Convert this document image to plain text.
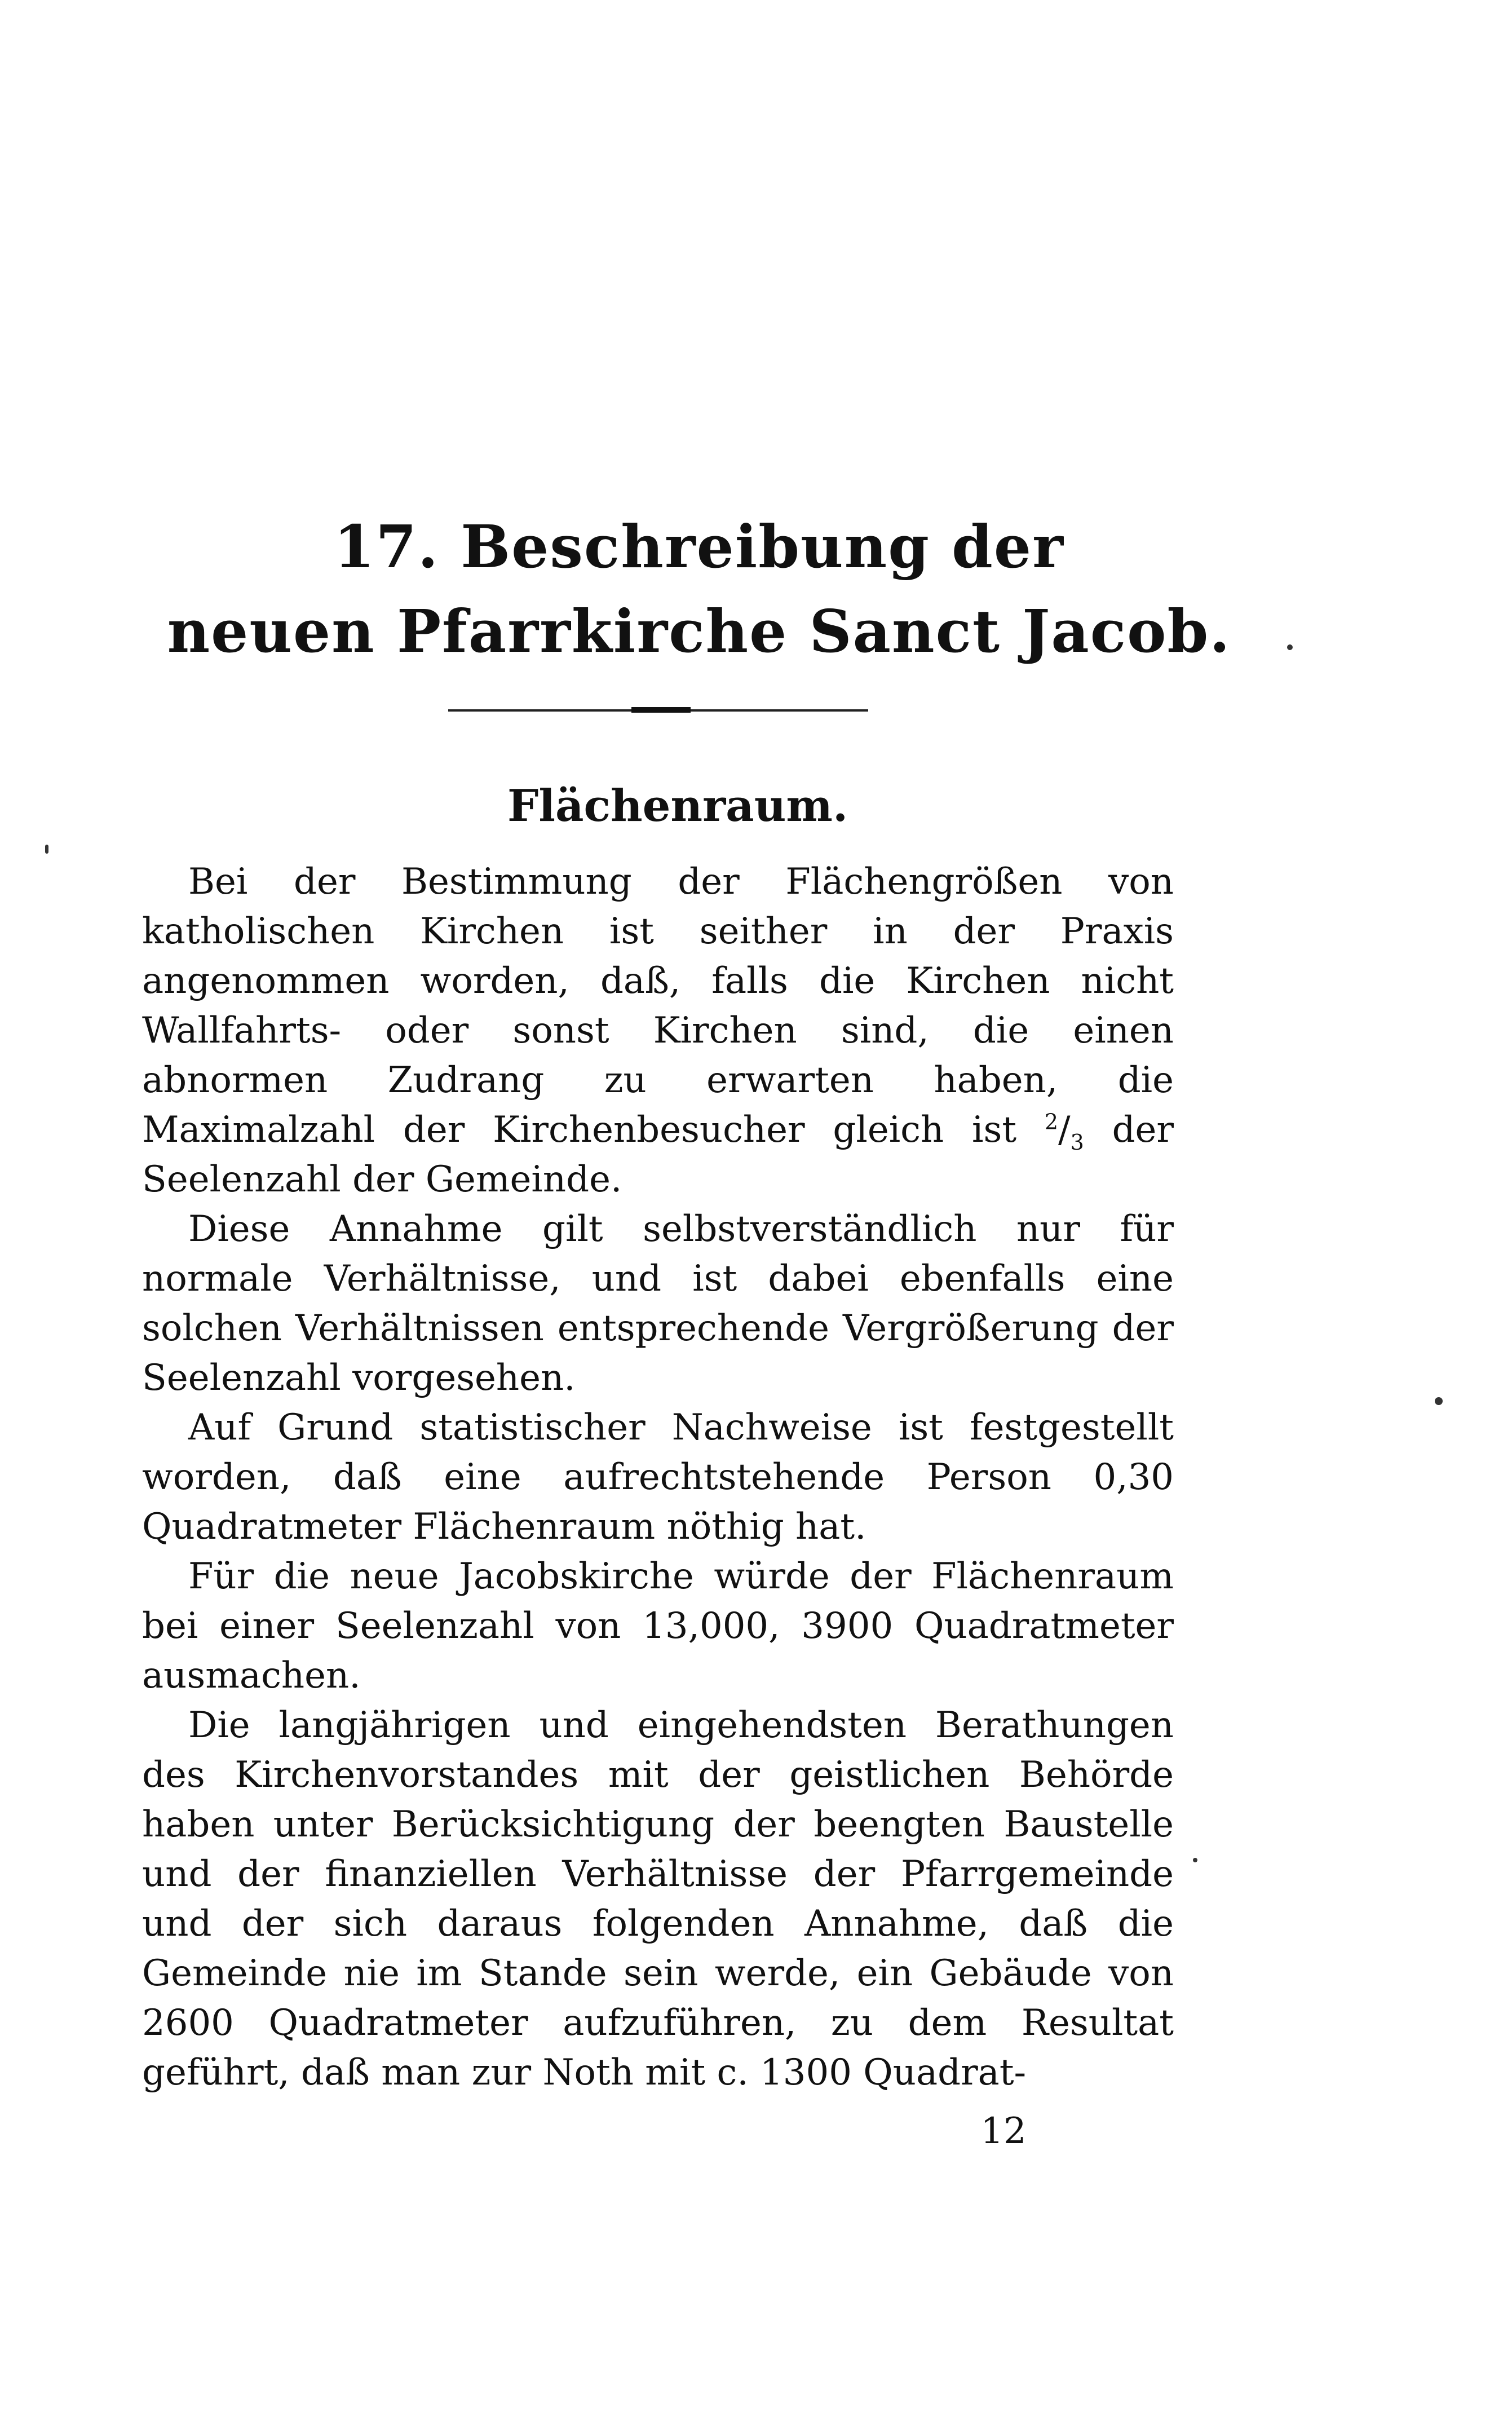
17. Beschreibung der
neuen Pfarrkirche Sanct Jacob.
Flächenraum.

Bei der Bestimmung der Flächengrößen von katholischen Kirchen ist seither in der Praxis angenommen worden, daß, falls die Kirchen nicht Wallfahrts- oder sonst Kirchen sind, die einen abnormen Zudrang zu erwarten haben, die Maximalzahl der Kirchenbesucher gleich ist $^2/_3$ der Seelenzahl der Gemeinde.

Diese Annahme gilt selbstverständlich nur für normale Verhältnisse, und ist dabei ebenfalls eine solchen Verhältnissen entsprechende Vergrößerung der Seelenzahl vorgesehen.

Auf Grund statistischer Nachweise ist festgestellt worden, daß eine aufrechtstehende Person 0,30 Quadratmeter Flächenraum nöthig hat.

Für die neue Jacobskirche würde der Flächenraum bei einer Seelenzahl von 13,000, 3900 Quadratmeter ausmachen.

Die langjährigen und eingehendsten Berathungen des Kirchenvorstandes mit der geistlichen Behörde haben unter Berücksichtigung der beengten Baustelle und der finanziellen Verhältnisse der Pfarrgemeinde und der sich daraus folgenden Annahme, daß die Gemeinde nie im Stande sein werde, ein Gebäude von 2600 Quadratmeter aufzuführen, zu dem Resultat geführt, daß man zur Noth mit c. 1300 Quadrat-

12
